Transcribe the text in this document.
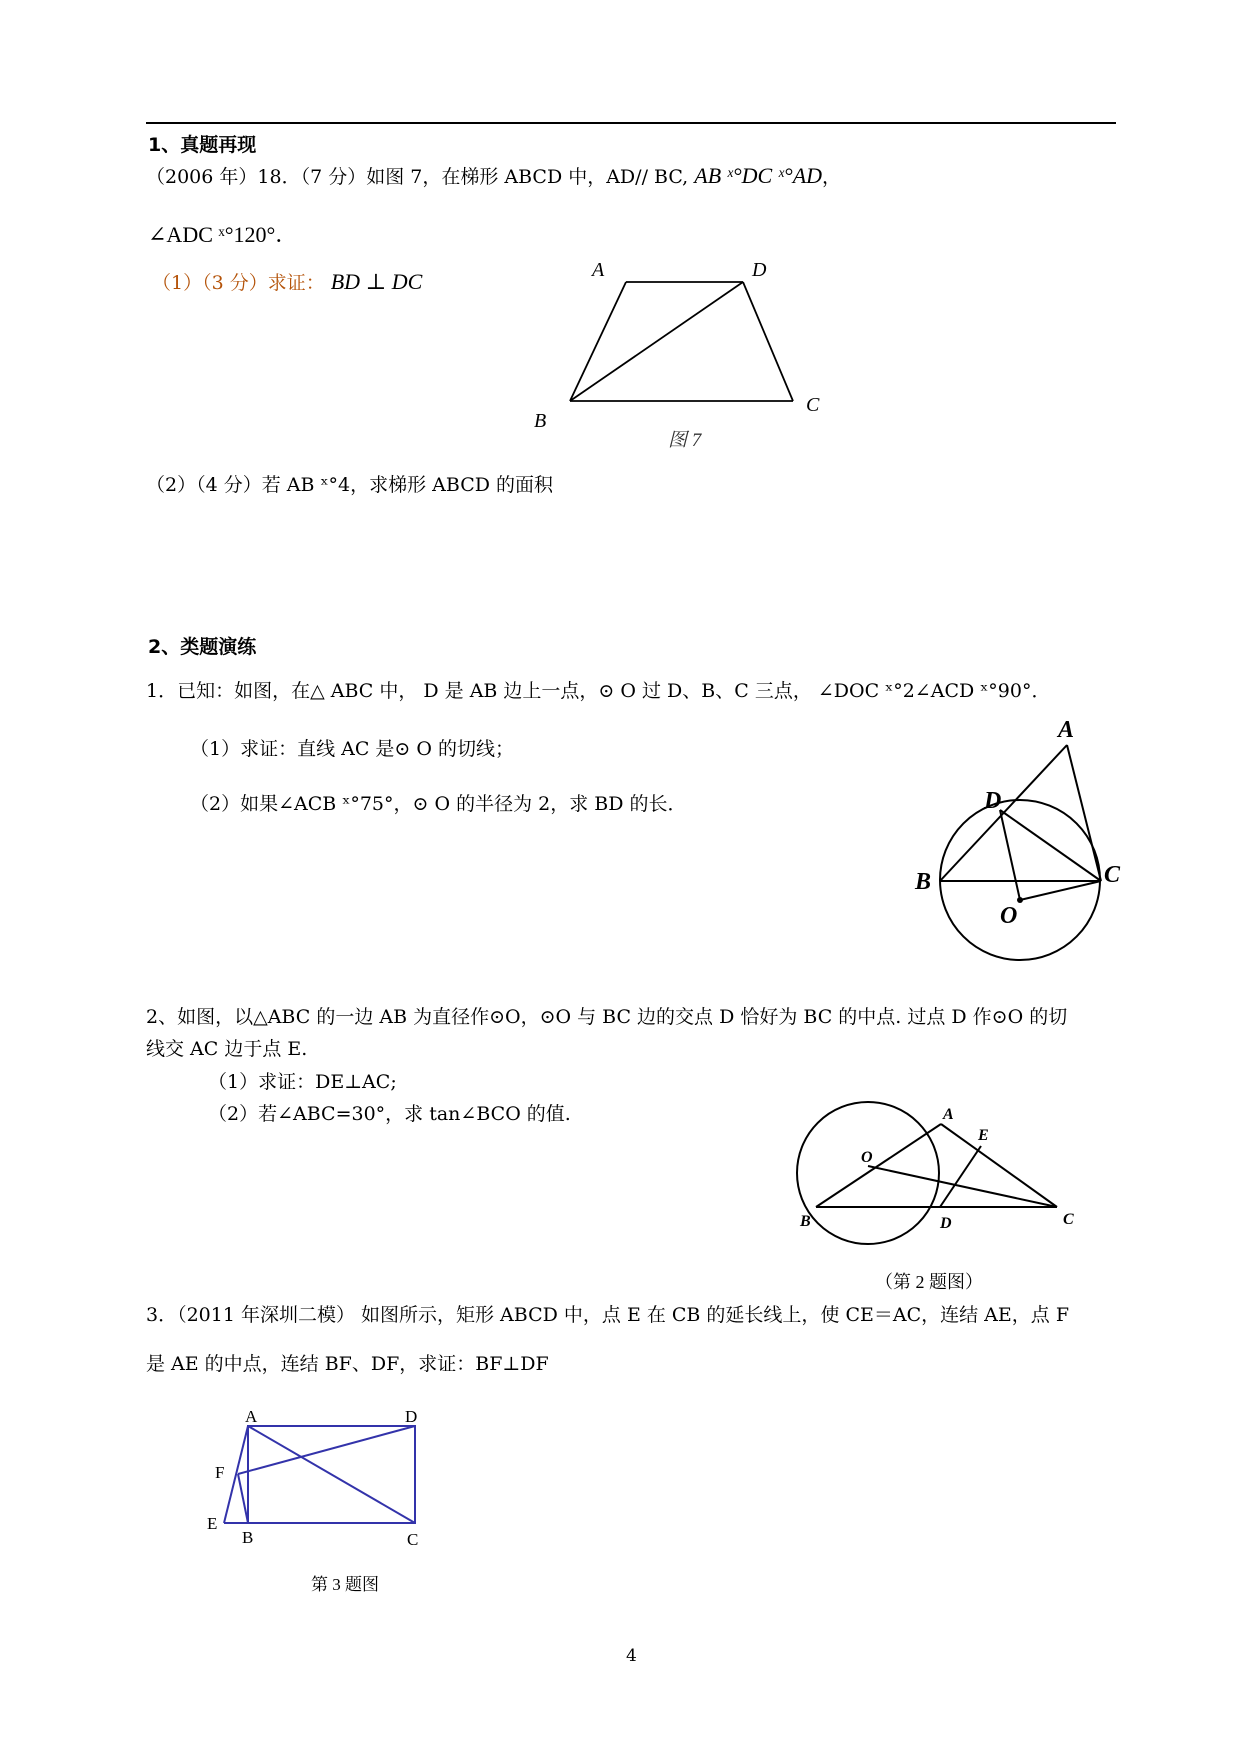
1、真题再现
（2006 年）18．（7 分）如图 7，在梯形 ABCD 中，AD// BC, AB ˣ°DC ˣ°AD，
∠ADC ˣ°120°．
（1）（3 分）求证： BD ⊥ DC
（2）（4 分）若 AB ˣ°4，求梯形 ABCD 的面积
A	D
B
C
图 7
2、类题演练
1．已知：如图，在△ ABC 中， D 是 AB 边上一点，⊙ O 过 D、B、C 三点， ∠DOC ˣ°2∠ACD ˣ°90°．
（1）求证：直线 AC 是⊙ O 的切线；
（2）如果∠ACB ˣ°75°，⊙ O 的半径为 2，求 BD 的长．
A
D
B	C
O
2、如图，以△ABC 的一边 AB 为直径作⊙O，⊙O 与 BC 边的交点 D 恰好为 BC 的中点. 过点 D 作⊙O 的切
线交 AC 边于点 E.
（1）求证：DE⊥AC;
（2）若∠ABC=30°，求 tan∠BCO 的值.	A
E
O
B	D	C
（第 2 题图）
3．（2011 年深圳二模） 如图所示，矩形 ABCD 中，点 E 在 CB 的延长线上，使 CE＝AC，连结 AE，点 F
是 AE 的中点，连结 BF、DF，求证：BF⊥DF
A	D
F
E
B	C
第 3 题图
4
